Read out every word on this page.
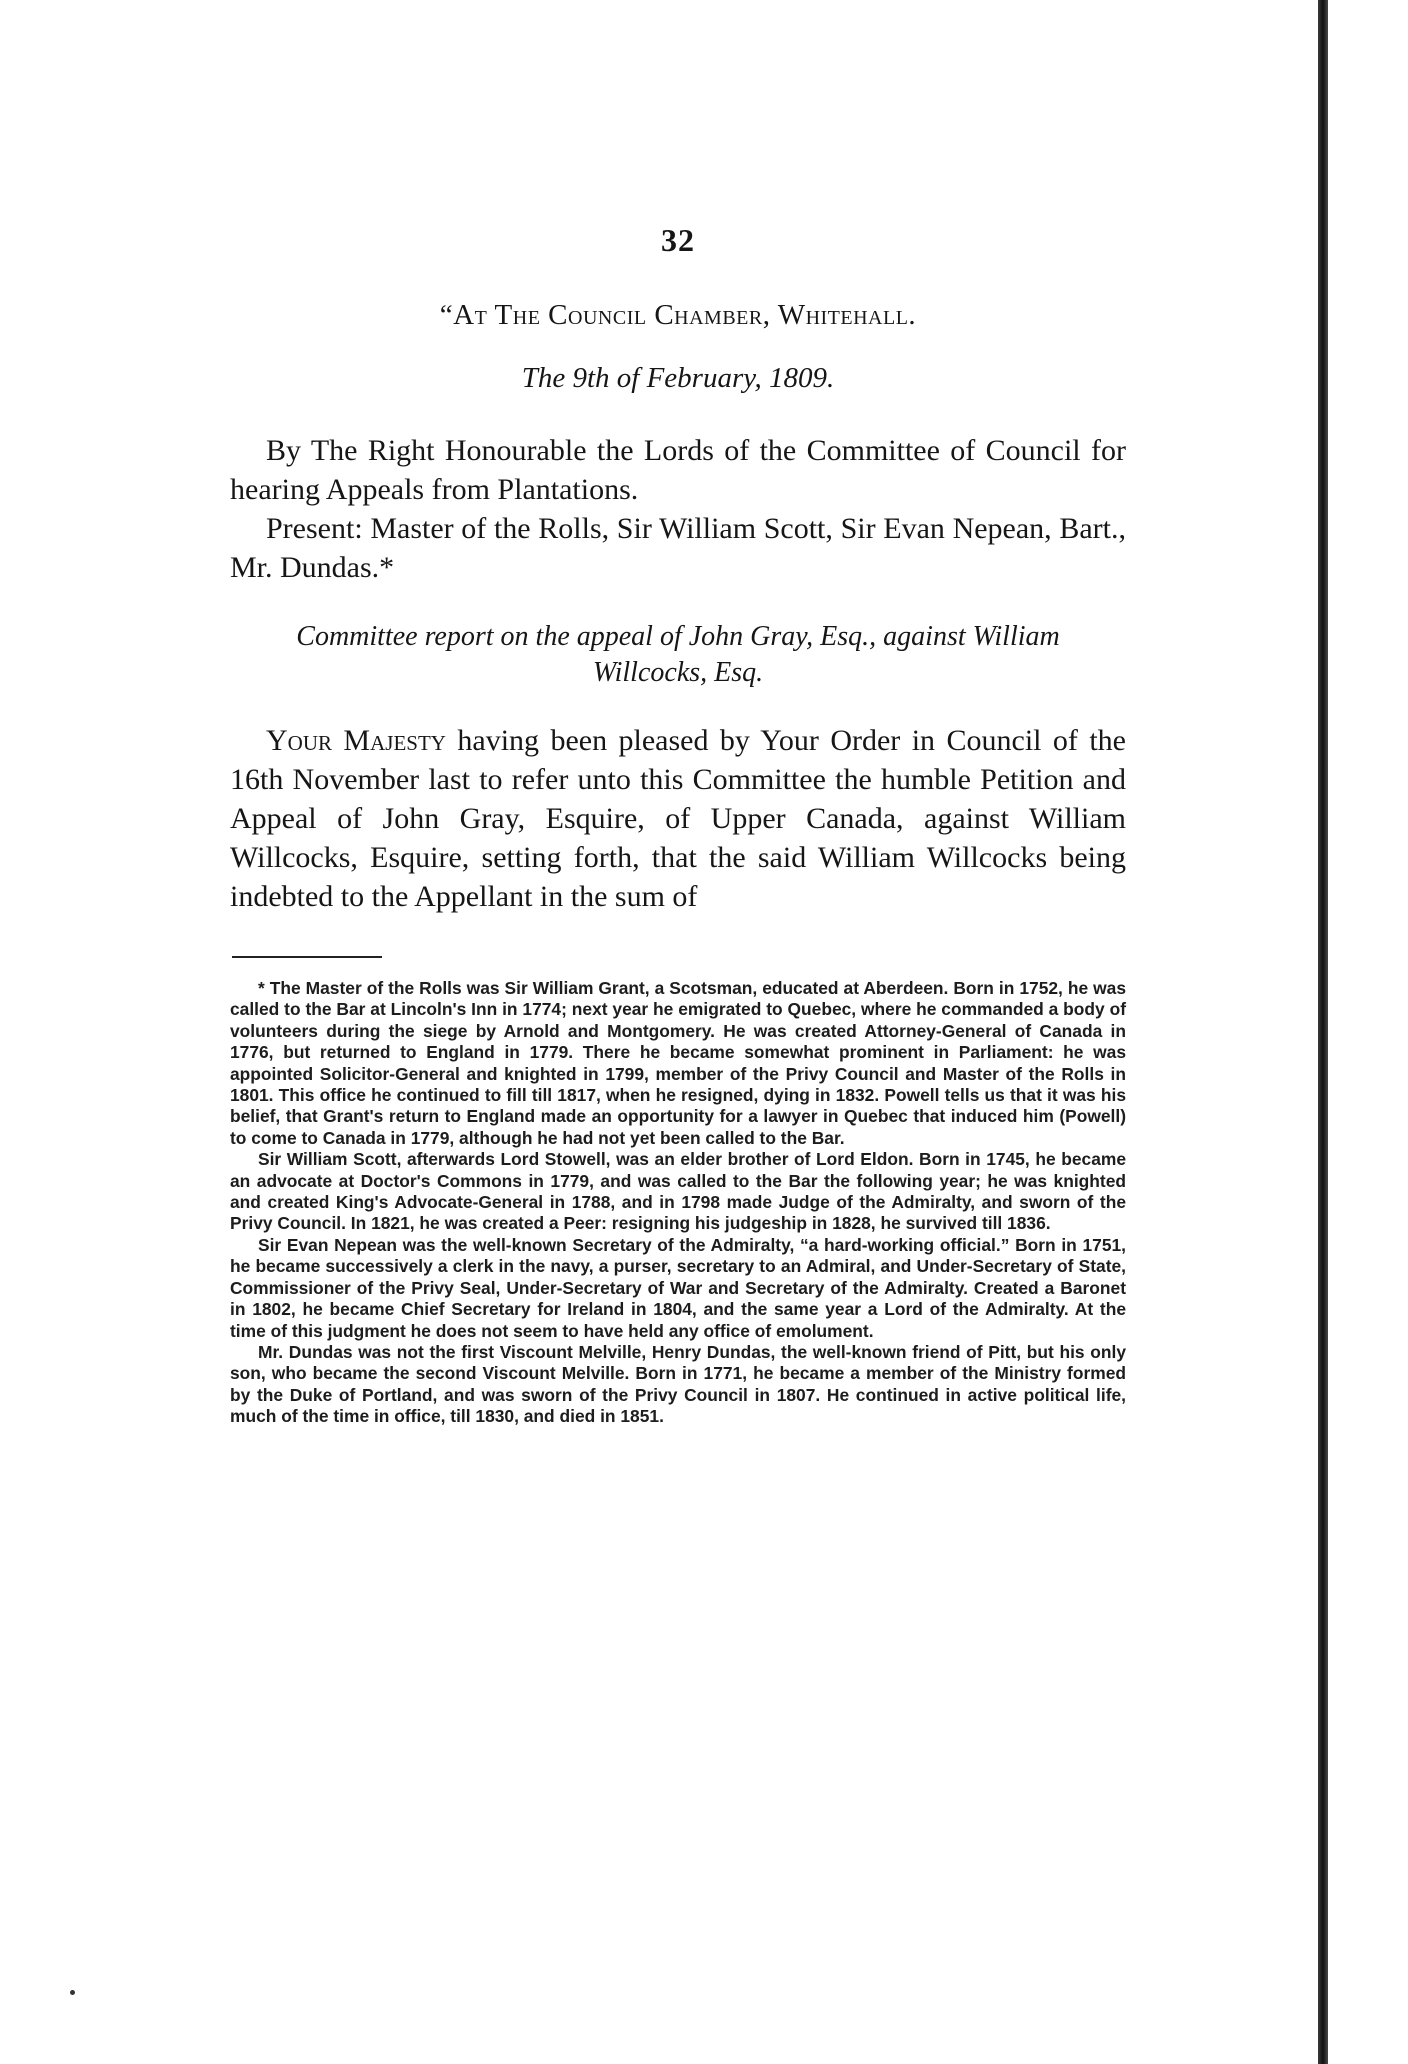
32
“At The Council Chamber, Whitehall.
The 9th of February, 1809.

By The Right Honourable the Lords of the Committee of Council for hearing Appeals from Plantations.

Present: Master of the Rolls, Sir William Scott, Sir Evan Nepean, Bart., Mr. Dundas.*

Committee report on the appeal of John Gray, Esq., against William Willcocks, Esq.

Your Majesty having been pleased by Your Order in Council of the 16th November last to refer unto this Committee the humble Petition and Appeal of John Gray, Esquire, of Upper Canada, against William Willcocks, Esquire, setting forth, that the said William Willcocks being indebted to the Appellant in the sum of

* The Master of the Rolls was Sir William Grant, a Scotsman, educated at Aberdeen. Born in 1752, he was called to the Bar at Lincoln's Inn in 1774; next year he emigrated to Quebec, where he commanded a body of volunteers during the siege by Arnold and Montgomery. He was created Attorney-General of Canada in 1776, but returned to England in 1779. There he became somewhat prominent in Parliament: he was appointed Solicitor-General and knighted in 1799, member of the Privy Council and Master of the Rolls in 1801. This office he continued to fill till 1817, when he resigned, dying in 1832. Powell tells us that it was his belief, that Grant's return to England made an opportunity for a lawyer in Quebec that induced him (Powell) to come to Canada in 1779, although he had not yet been called to the Bar.

Sir William Scott, afterwards Lord Stowell, was an elder brother of Lord Eldon. Born in 1745, he became an advocate at Doctor's Commons in 1779, and was called to the Bar the following year; he was knighted and created King's Advocate-General in 1788, and in 1798 made Judge of the Admiralty, and sworn of the Privy Council. In 1821, he was created a Peer: resigning his judgeship in 1828, he survived till 1836.

Sir Evan Nepean was the well-known Secretary of the Admiralty, “a hard-working official.” Born in 1751, he became successively a clerk in the navy, a purser, secretary to an Admiral, and Under-Secretary of State, Commissioner of the Privy Seal, Under-Secretary of War and Secretary of the Admiralty. Created a Baronet in 1802, he became Chief Secretary for Ireland in 1804, and the same year a Lord of the Admiralty. At the time of this judgment he does not seem to have held any office of emolument.

Mr. Dundas was not the first Viscount Melville, Henry Dundas, the well-known friend of Pitt, but his only son, who became the second Viscount Melville. Born in 1771, he became a member of the Ministry formed by the Duke of Portland, and was sworn of the Privy Council in 1807. He continued in active political life, much of the time in office, till 1830, and died in 1851.
